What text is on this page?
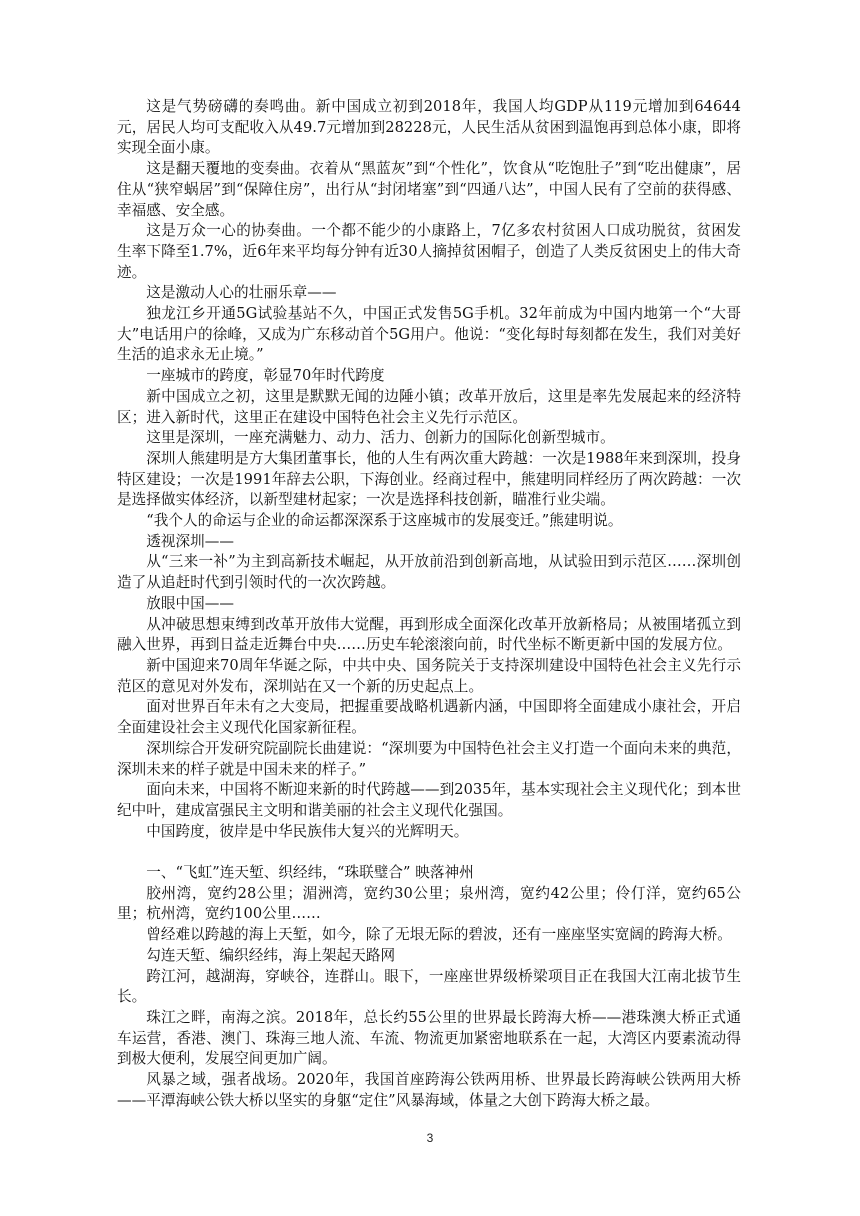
这是气势磅礴的奏鸣曲。新中国成立初到2018年，我国人均GDP从119元增加到64644元，居民人均可支配收入从49.7元增加到28228元，人民生活从贫困到温饱再到总体小康，即将实现全面小康。

这是翻天覆地的变奏曲。衣着从“黑蓝灰”到“个性化”，饮食从“吃饱肚子”到“吃出健康”，居住从“狭窄蜗居”到“保障住房”，出行从“封闭堵塞”到“四通八达”，中国人民有了空前的获得感、幸福感、安全感。

这是万众一心的协奏曲。一个都不能少的小康路上，7亿多农村贫困人口成功脱贫，贫困发生率下降至1.7%，近6年来平均每分钟有近30人摘掉贫困帽子，创造了人类反贫困史上的伟大奇迹。

这是激动人心的壮丽乐章——

独龙江乡开通5G试验基站不久，中国正式发售5G手机。32年前成为中国内地第一个“大哥大”电话用户的徐峰，又成为广东移动首个5G用户。他说：“变化每时每刻都在发生，我们对美好生活的追求永无止境。”

一座城市的跨度，彰显70年时代跨度

新中国成立之初，这里是默默无闻的边陲小镇；改革开放后，这里是率先发展起来的经济特区；进入新时代，这里正在建设中国特色社会主义先行示范区。

这里是深圳，一座充满魅力、动力、活力、创新力的国际化创新型城市。

深圳人熊建明是方大集团董事长，他的人生有两次重大跨越：一次是1988年来到深圳，投身特区建设；一次是1991年辞去公职，下海创业。经商过程中，熊建明同样经历了两次跨越：一次是选择做实体经济，以新型建材起家；一次是选择科技创新，瞄准行业尖端。

“我个人的命运与企业的命运都深深系于这座城市的发展变迁。”熊建明说。

透视深圳——

从“三来一补”为主到高新技术崛起，从开放前沿到创新高地，从试验田到示范区……深圳创造了从追赶时代到引领时代的一次次跨越。

放眼中国——

从冲破思想束缚到改革开放伟大觉醒，再到形成全面深化改革开放新格局；从被围堵孤立到融入世界，再到日益走近舞台中央……历史车轮滚滚向前，时代坐标不断更新中国的发展方位。

新中国迎来70周年华诞之际，中共中央、国务院关于支持深圳建设中国特色社会主义先行示范区的意见对外发布，深圳站在又一个新的历史起点上。

面对世界百年未有之大变局，把握重要战略机遇新内涵，中国即将全面建成小康社会，开启全面建设社会主义现代化国家新征程。

深圳综合开发研究院副院长曲建说：“深圳要为中国特色社会主义打造一个面向未来的典范，深圳未来的样子就是中国未来的样子。”

面向未来，中国将不断迎来新的时代跨越——到2035年，基本实现社会主义现代化；到本世纪中叶，建成富强民主文明和谐美丽的社会主义现代化强国。

中国跨度，彼岸是中华民族伟大复兴的光辉明天。

一、“飞虹”连天堑、织经纬，“珠联璧合” 映落神州

胶州湾，宽约28公里；湄洲湾，宽约30公里；泉州湾，宽约42公里；伶仃洋，宽约65公里；杭州湾，宽约100公里……

曾经难以跨越的海上天堑，如今，除了无垠无际的碧波，还有一座座坚实宽阔的跨海大桥。

勾连天堑、编织经纬，海上架起天路网

跨江河，越湖海，穿峡谷，连群山。眼下，一座座世界级桥梁项目正在我国大江南北拔节生长。

珠江之畔，南海之滨。2018年，总长约55公里的世界最长跨海大桥——港珠澳大桥正式通车运营，香港、澳门、珠海三地人流、车流、物流更加紧密地联系在一起，大湾区内要素流动得到极大便利，发展空间更加广阔。

风暴之域，强者战场。2020年，我国首座跨海公铁两用桥、世界最长跨海峡公铁两用大桥——平潭海峡公铁大桥以坚实的身躯“定住”风暴海域，体量之大创下跨海大桥之最。

3
